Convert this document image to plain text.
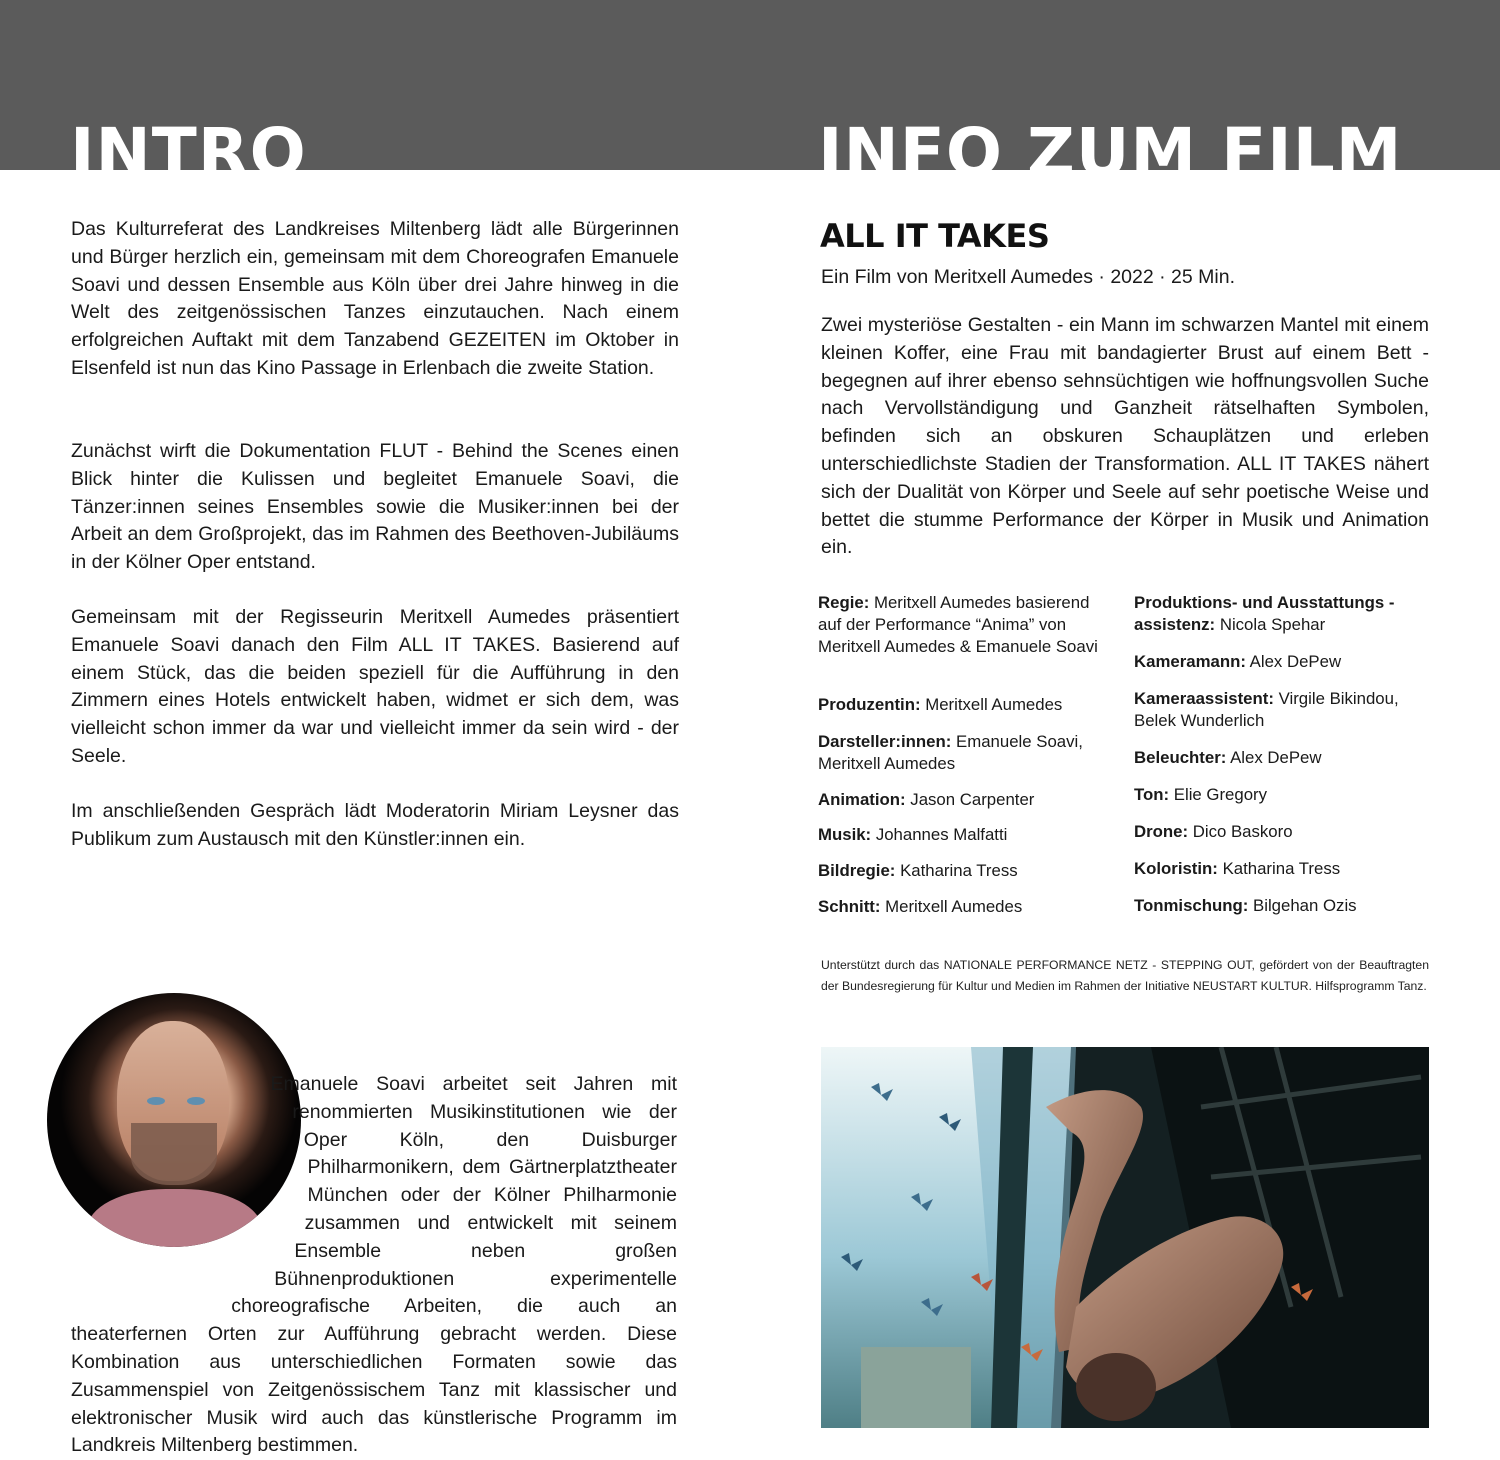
INTRO	INFO ZUM FILM

Das Kulturreferat des Landkreises Miltenberg lädt alle Bürgerinnen und Bürger herzlich ein, gemeinsam mit dem Choreografen Emanuele Soavi und dessen Ensemble aus Köln über drei Jahre hinweg in die Welt des zeitgenössischen Tanzes einzutauchen. Nach einem erfolgreichen Auftakt mit dem Tanzabend GEZEITEN im Oktober in Elsenfeld ist nun das Kino Passage in Erlenbach die zweite Station.

Zunächst wirft die Dokumentation FLUT - Behind the Scenes einen Blick hinter die Kulissen und begleitet Emanuele Soavi, die Tänzer:innen seines Ensembles sowie die Musiker:innen bei der Arbeit an dem Großprojekt, das im Rahmen des Beethoven-Jubiläums in der Kölner Oper entstand.

Gemeinsam mit der Regisseurin Meritxell Aumedes präsentiert Emanuele Soavi danach den Film ALL IT TAKES. Basierend auf einem Stück, das die beiden speziell für die Aufführung in den Zimmern eines Hotels entwickelt haben, widmet er sich dem, was vielleicht schon immer da war und vielleicht immer da sein wird - der Seele.

Im anschließenden Gespräch lädt Moderatorin Miriam Leysner das Publikum zum Austausch mit den Künstler:innen ein.

Emanuele Soavi arbeitet seit Jahren mit renommierten Musikinstitutionen wie der Oper Köln, den Duisburger Philharmonikern, dem Gärtnerplatztheater München oder der Kölner Philharmonie zusammen und entwickelt mit seinem Ensemble neben großen Bühnenproduktionen experimentelle choreografische Arbeiten, die auch an theaterfernen Orten zur Aufführung gebracht werden. Diese Kombination aus unterschiedlichen Formaten sowie das Zusammenspiel von Zeitgenössischem Tanz mit klassischer und elektronischer Musik wird auch das künstlerische Programm im Landkreis Miltenberg bestimmen.

ALL IT TAKES

Ein Film von Meritxell Aumedes · 2022 · 25 Min.

Zwei mysteriöse Gestalten - ein Mann im schwarzen Mantel mit einem kleinen Koffer, eine Frau mit bandagierter Brust auf einem Bett - begegnen auf ihrer ebenso sehnsüchtigen wie hoffnungsvollen Suche nach Vervollständigung und Ganzheit rätselhaften Symbolen, befinden sich an obskuren Schauplätzen und erleben unterschiedlichste Stadien der Transformation. ALL IT TAKES nähert sich der Dualität von Körper und Seele auf sehr poetische Weise und bettet die stumme Performance der Körper in Musik und Animation ein.

Regie: Meritxell Aumedes basierend auf der Performance “Anima” von Meritxell Aumedes & Emanuele Soavi

Produzentin: Meritxell Aumedes

Darsteller:innen: Emanuele Soavi, Meritxell Aumedes

Animation: Jason Carpenter

Musik: Johannes Malfatti

Bildregie: Katharina Tress

Schnitt: Meritxell Aumedes

Produktions- und Ausstattungs - assistenz: Nicola Spehar

Kameramann: Alex DePew

Kameraassistent: Virgile Bikindou, Belek Wunderlich

Beleuchter: Alex DePew

Ton: Elie Gregory

Drone: Dico Baskoro

Koloristin: Katharina Tress

Tonmischung: Bilgehan Ozis

Unterstützt durch das NATIONALE PERFORMANCE NETZ - STEPPING OUT, gefördert von der Beauftragten der Bundesregierung für Kultur und Medien im Rahmen der Initiative NEUSTART KULTUR. Hilfsprogramm Tanz.
